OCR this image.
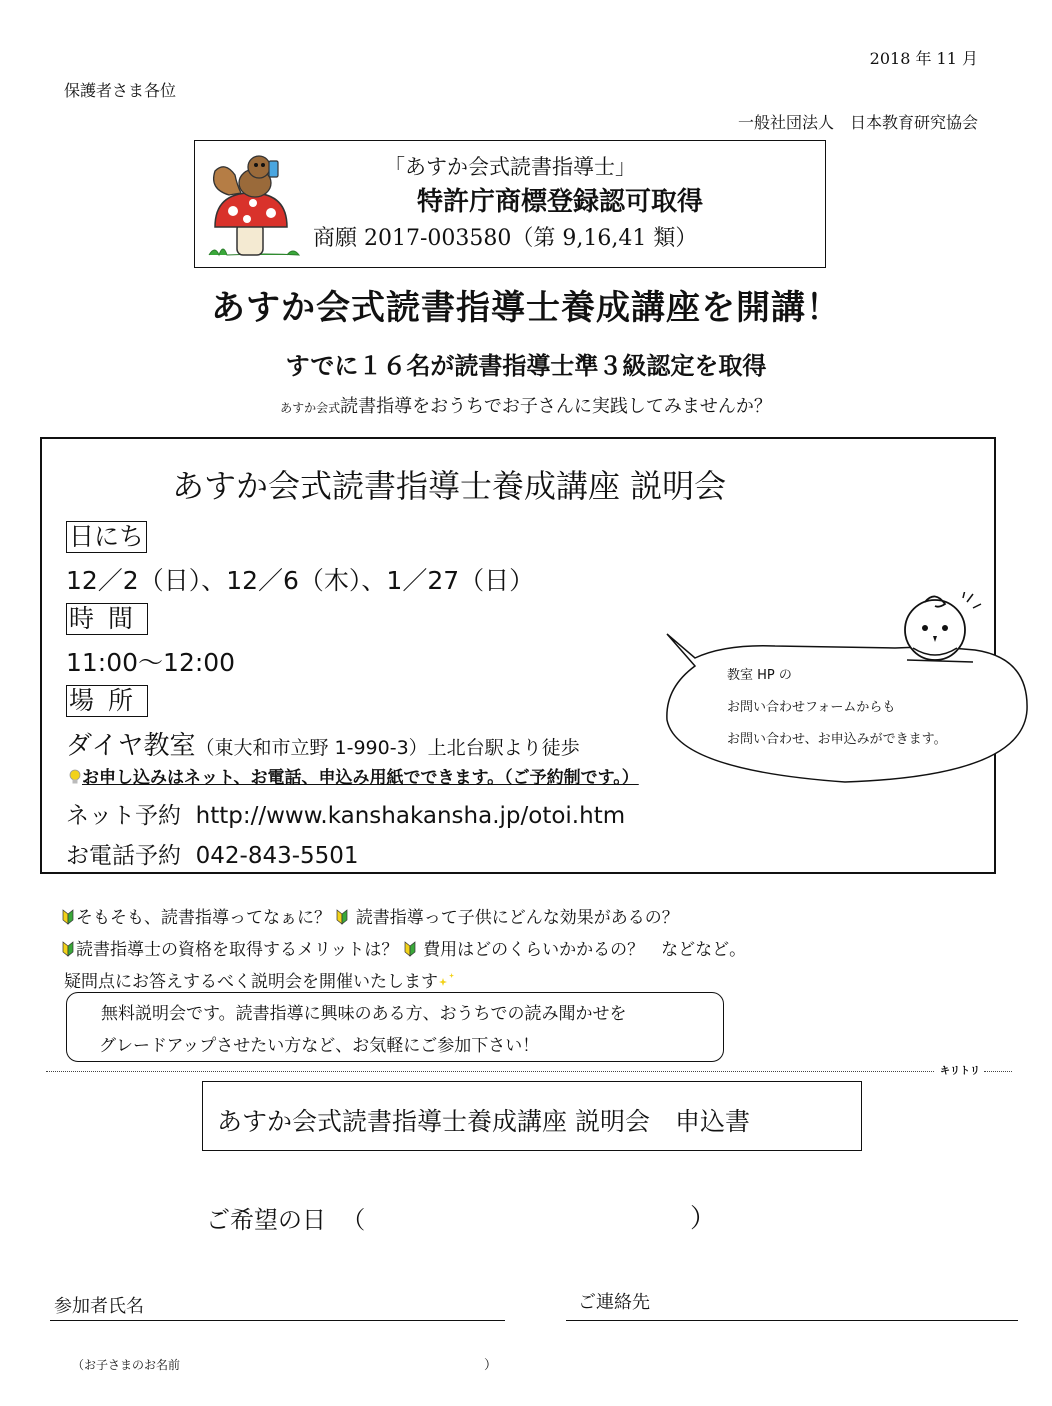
2018 年 11 月
保護者さま各位
一般社団法人　日本教育研究協会
「あすか会式読書指導士」
特許庁商標登録認可取得
商願 2017-003580（第 9,16,41 類）
あすか会式読書指導士養成講座を開講！
すでに１６名が読書指導士準３級認定を取得
あすか会式読書指導をおうちでお子さんに実践してみませんか？
あすか会式読書指導士養成講座 説明会
日にち
12／2（日）、12／6（木）、1／27（日）
時間
11:00〜12:00
場所
ダイヤ教室（東大和市立野 1-990-3）上北台駅より徒歩
お申し込みはネット、お電話、申込み用紙でできます。（ご予約制です。）
ネット予約 http://www.kanshakansha.jp/otoi.htm
お電話予約 042-843-5501
教室 HP の
お問い合わせフォームからも
お問い合わせ、お申込みができます。
そもそも、読書指導ってなぁに？ 読書指導って子供にどんな効果があるの？
読書指導士の資格を取得するメリットは？ 費用はどのくらいかかるの？　などなど。
疑問点にお答えするべく説明会を開催いたします
無料説明会です。読書指導に興味のある方、おうちでの読み聞かせを
グレードアップさせたい方など、お気軽にご参加下さい！
キリトリ
あすか会式読書指導士養成講座 説明会　申込書
ご希望の日 （	）
参加者氏名	ご連絡先
（お子さまのお名前	）
